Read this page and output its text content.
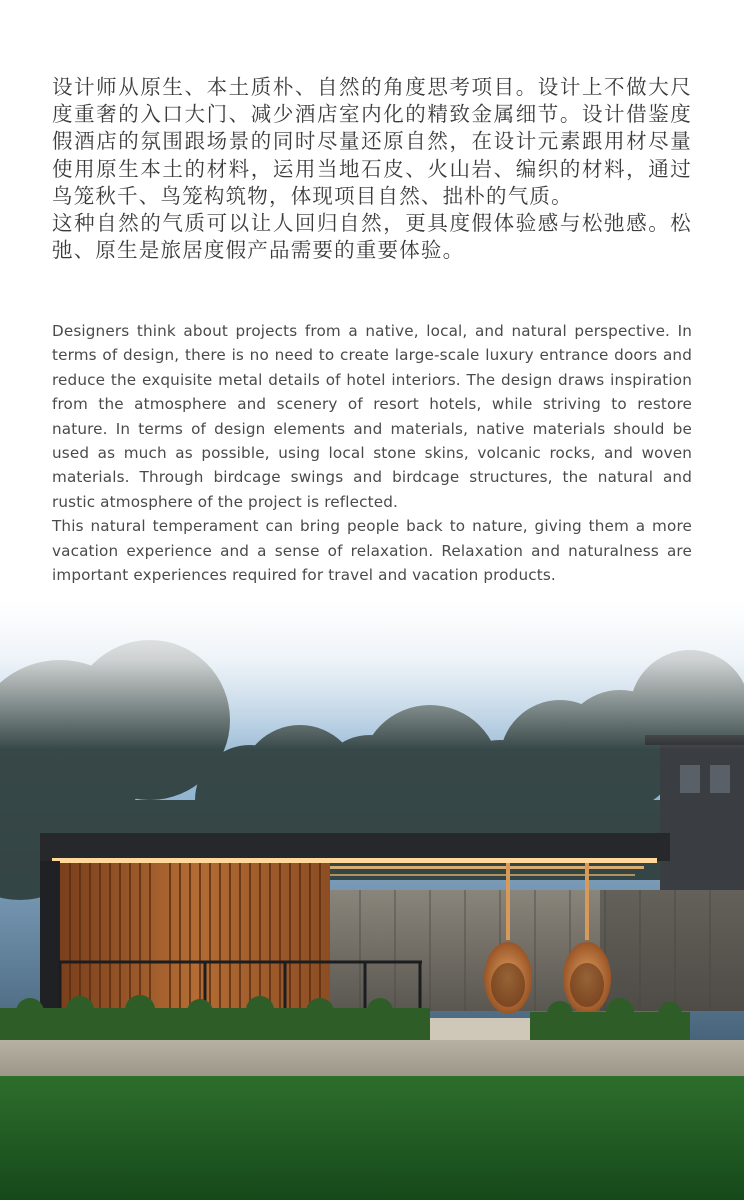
设计师从原生、本土质朴、自然的角度思考项目。设计上不做大尺度重奢的入口大门、减少酒店室内化的精致金属细节。设计借鉴度假酒店的氛围跟场景的同时尽量还原自然，在设计元素跟用材尽量使用原生本土的材料，运用当地石皮、火山岩、编织的材料，通过鸟笼秋千、鸟笼构筑物，体现项目自然、拙朴的气质。

这种自然的气质可以让人回归自然，更具度假体验感与松弛感。松弛、原生是旅居度假产品需要的重要体验。

Designers think about projects from a native, local, and natural perspective. In terms of design, there is no need to create large-scale luxury entrance doors and reduce the exquisite metal details of hotel interiors. The design draws inspiration from the atmosphere and scenery of resort hotels, while striving to restore nature. In terms of design elements and materials, native materials should be used as much as possible, using local stone skins, volcanic rocks, and woven materials. Through birdcage swings and birdcage structures, the natural and rustic atmosphere of the project is reflected.

This natural temperament can bring people back to nature, giving them a more vacation experience and a sense of relaxation. Relaxation and naturalness are important experiences required for travel and vacation products.
